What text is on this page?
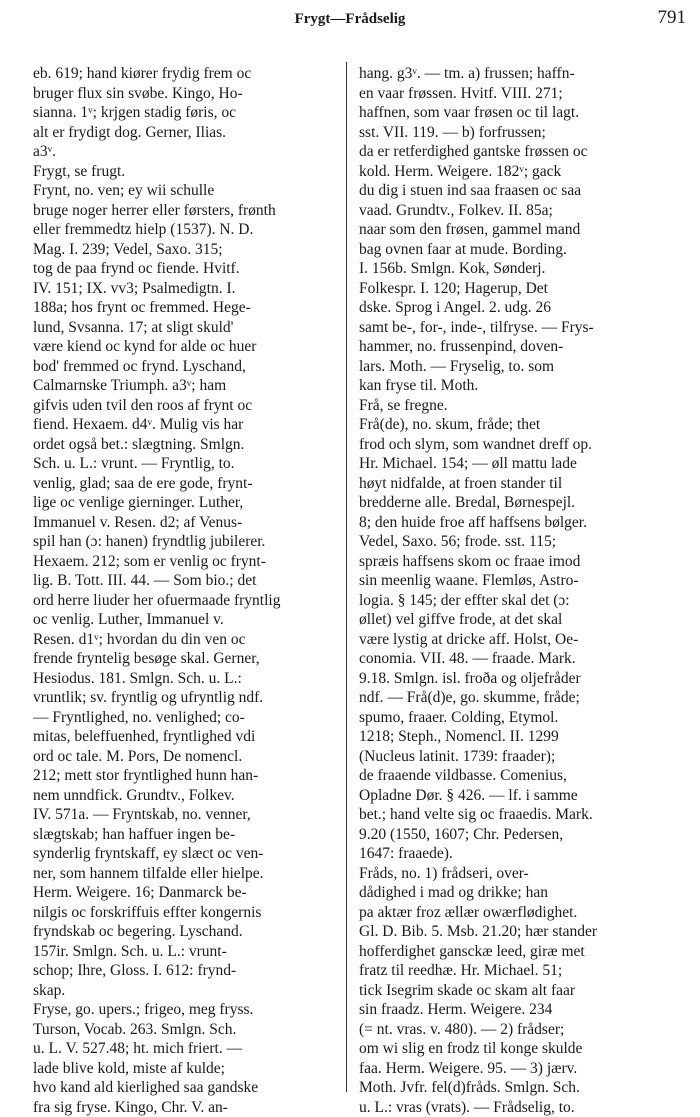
Frygt—Frådselig	791
eb. 619; hand kiører frydig frem oc
bruger flux sin svøbe. Kingo, Ho-
sianna. 1ᵛ; krjgen stadig føris, oc
alt er frydigt dog. Gerner, Ilias.
a3ᵛ.
Frygt, se frugt.
Frynt, no. ven; ey wii schulle
bruge noger herrer eller førsters, frønth
eller fremmedtz hielp (1537). N. D.
Mag. I. 239; Vedel, Saxo. 315;
tog de paa frynd oc fiende. Hvitf.
IV. 151; IX. vv3; Psalmedigtn. I.
188a; hos frynt oc fremmed. Hege-
lund, Svsanna. 17; at sligt skuld'
være kiend oc kynd for alde oc huer
bod' fremmed oc frynd. Lyschand,
Calmarnske Triumph. a3ᵛ; ham
gifvis uden tvil den roos af frynt oc
fiend. Hexaem. d4ᵛ. Mulig vis har
ordet også bet.: slægtning. Smlgn.
Sch. u. L.: vrunt. — Fryntlig, to.
venlig, glad; saa de ere gode, frynt-
lige oc venlige gierninger. Luther,
Immanuel v. Resen. d2; af Venus-
spil han (ɔ: hanen) fryndtlig jubilerer.
Hexaem. 212; som er venlig oc frynt-
lig. B. Tott. III. 44. — Som bio.; det
ord herre liuder her ofuermaade fryntlig
oc venlig. Luther, Immanuel v.
Resen. d1ᵛ; hvordan du din ven oc
frende fryntelig besøge skal. Gerner,
Hesiodus. 181. Smlgn. Sch. u. L.:
vruntlik; sv. fryntlig og ufryntlig ndf.
— Fryntlighed, no. venlighed; co-
mitas, beleffuenhed, fryntlighed vdi
ord oc tale. M. Pors, De nomencl.
212; mett stor fryntlighed hunn han-
nem unndfick. Grundtv., Folkev.
IV. 571a. — Fryntskab, no. venner,
slægtskab; han haffuer ingen be-
synderlig fryntskaff, ey slæct oc ven-
ner, som hannem tilfalde eller hielpe.
Herm. Weigere. 16; Danmarck be-
nilgis oc forskriffuis effter kongernis
fryndskab oc begering. Lyschand.
157ir. Smlgn. Sch. u. L.: vrunt-
schop; Ihre, Gloss. I. 612: frynd-
skap.
Fryse, go. upers.; frigeo, meg fryss.
Turson, Vocab. 263. Smlgn. Sch.
u. L. V. 527.48; ht. mich friert. —
lade blive kold, miste af kulde;
hvo kand ald kierlighed saa gandske
fra sig fryse. Kingo, Chr. V. an-
hang. g3ᵛ. — tm. a) frussen; haffn-
en vaar frøssen. Hvitf. VIII. 271;
haffnen, som vaar frøsen oc til lagt.
sst. VII. 119. — b) forfrussen;
da er retferdighed gantske frøssen oc
kold. Herm. Weigere. 182ᵛ; gack
du dig i stuen ind saa fraasen oc saa
vaad. Grundtv., Folkev. II. 85a;
naar som den frøsen, gammel mand
bag ovnen faar at mude. Bording.
I. 156b. Smlgn. Kok, Sønderj.
Folkespr. I. 120; Hagerup, Det
dske. Sprog i Angel. 2. udg. 26
samt be-, for-, inde-, tilfryse. — Frys-
hammer, no. frussenpind, doven-
lars. Moth. — Fryselig, to. som
kan fryse til. Moth.
Frå, se fregne.
Frå(de), no. skum, fråde; thet
frod och slym, som wandnet dreff op.
Hr. Michael. 154; — øll mattu lade
høyt nidfalde, at froen stander til
bredderne alle. Bredal, Børnespejl.
8; den huide froe aff haffsens bølger.
Vedel, Saxo. 56; frode. sst. 115;
spræis haffsens skom oc fraae imod
sin meenlig waane. Flemløs, Astro-
logia. § 145; der effter skal det (ɔ:
øllet) vel giffve frode, at det skal
være lystig at dricke aff. Holst, Oe-
conomia. VII. 48. — fraade. Mark.
9.18. Smlgn. isl. froða og oljefråder
ndf. — Frå(d)e, go. skumme, fråde;
spumo, fraaer. Colding, Etymol.
1218; Steph., Nomencl. II. 1299
(Nucleus latinit. 1739: fraader);
de fraaende vildbasse. Comenius,
Opladne Dør. § 426. — lf. i samme
bet.; hand velte sig oc fraaedis. Mark.
9.20 (1550, 1607; Chr. Pedersen,
1647: fraaede).
Fråds, no. 1) frådseri, over-
dådighed i mad og drikke; han
pa aktær froz ællær owærflødighet.
Gl. D. Bib. 5. Msb. 21.20; hær stander
hofferdighet gansckæ leed, giræ met
fratz til reedhæ. Hr. Michael. 51;
tick Isegrim skade oc skam alt faar
sin fraadz. Herm. Weigere. 234
(= nt. vras. v. 480). — 2) frådser;
om wi slig en frodz til konge skulde
faa. Herm. Weigere. 95. — 3) jærv.
Moth. Jvfr. fel(d)fråds. Smlgn. Sch.
u. L.: vras (vrats). — Frådselig, to.
